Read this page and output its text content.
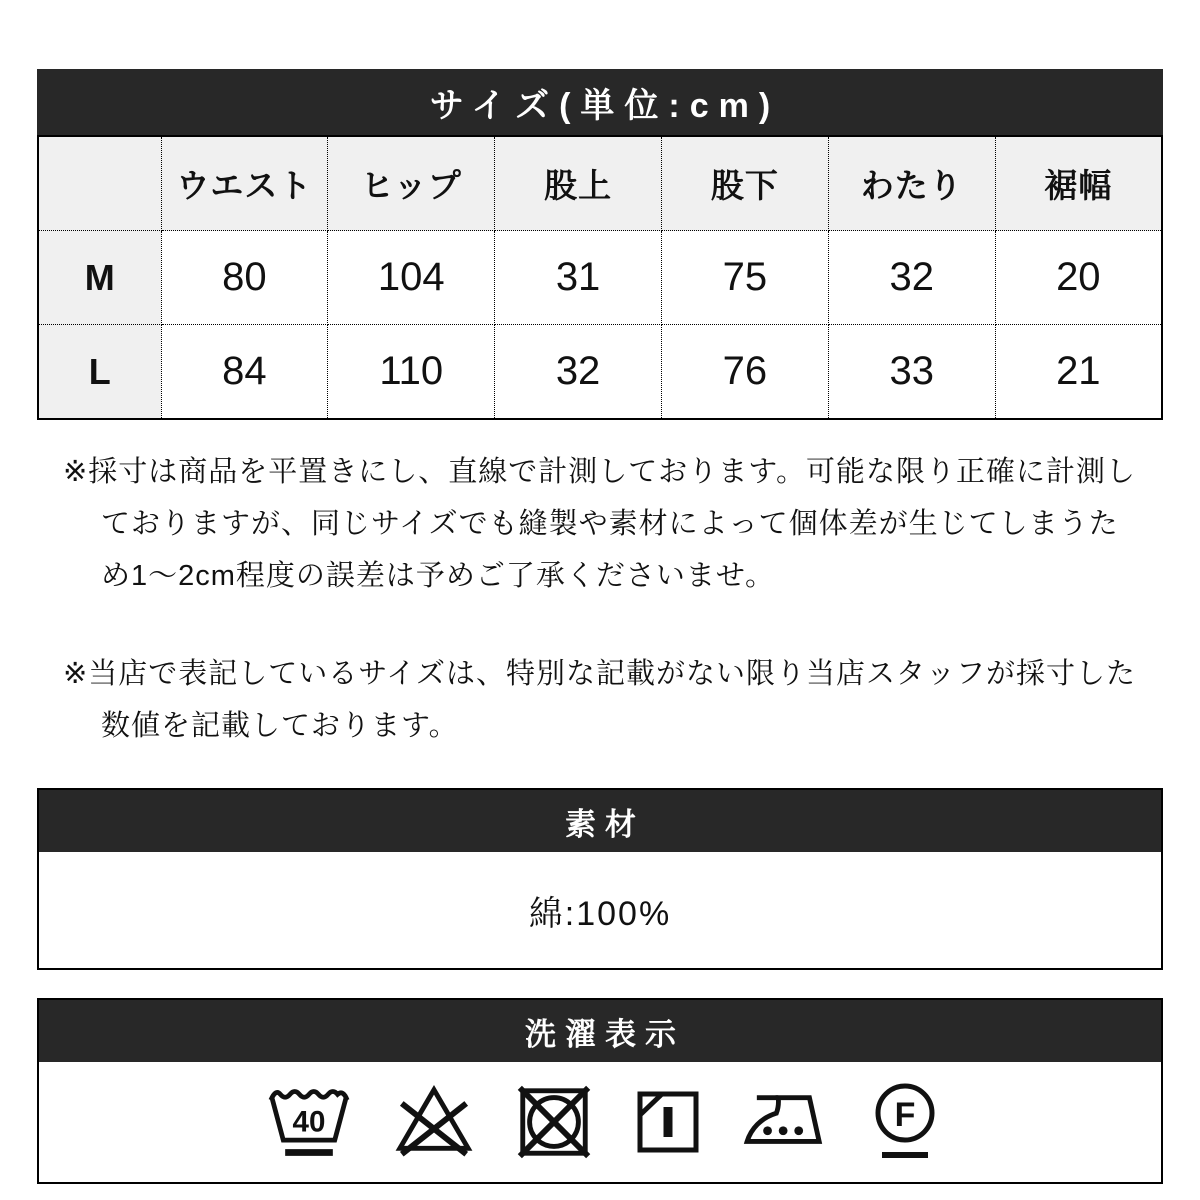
サイズ(単位:cm)
	ウエスト	ヒップ	股上	股下	わたり	裾幅
M	80	104	31	75	32	20
L	84	110	32	76	33	21

※採寸は商品を平置きにし、直線で計測しております。可能な限り正確に計測しておりますが、同じサイズでも縫製や素材によって個体差が生じてしまうため1〜2cm程度の誤差は予めご了承くださいませ。

※当店で表記しているサイズは、特別な記載がない限り当店スタッフが採寸した数値を記載しております。

素材
綿:100%
洗濯表示
40	F
